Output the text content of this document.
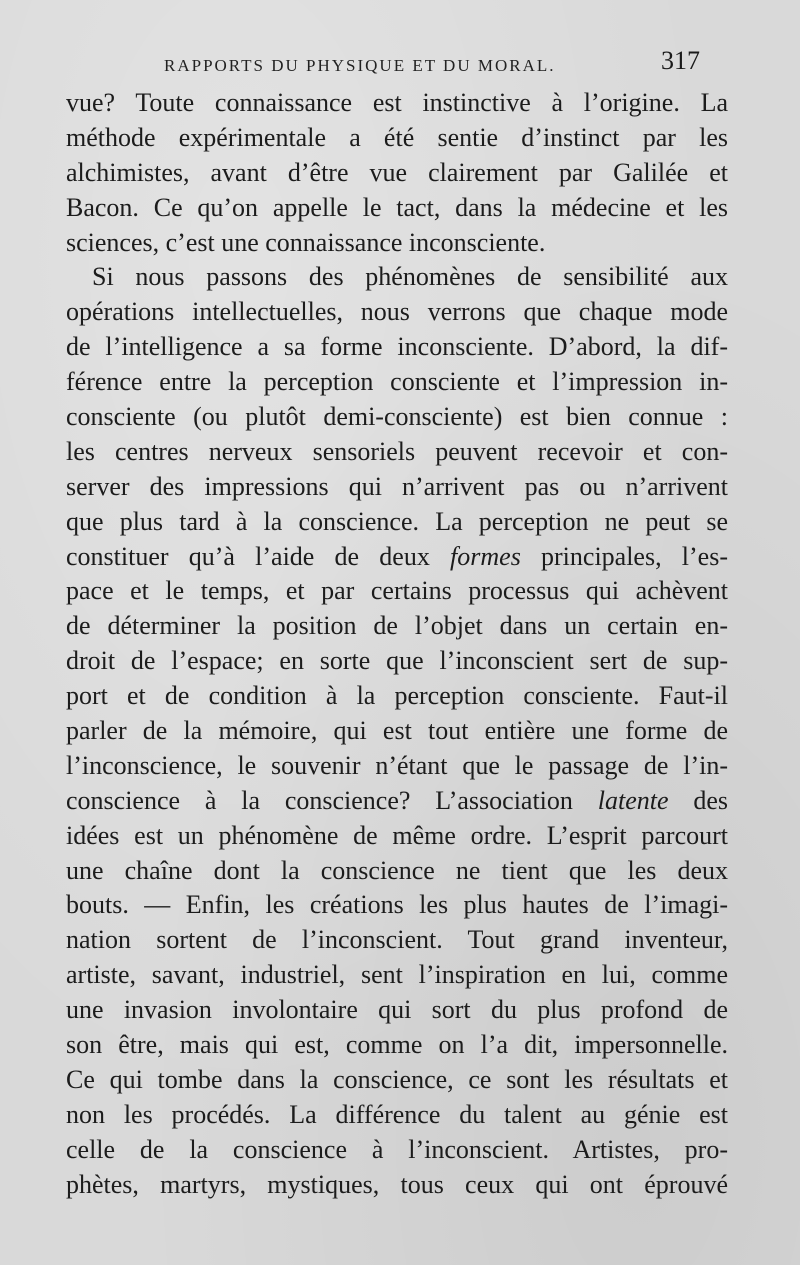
RAPPORTS DU PHYSIQUE ET DU MORAL.	317
vue? Toute connaissance est instinctive à l’origine. La
méthode expérimentale a été sentie d’instinct par les
alchimistes, avant d’être vue clairement par Galilée et
Bacon. Ce qu’on appelle le tact, dans la médecine et les
sciences, c’est une connaissance inconsciente.
Si nous passons des phénomènes de sensibilité aux
opérations intellectuelles, nous verrons que chaque mode
de l’intelligence a sa forme inconsciente. D’abord, la dif-
férence entre la perception consciente et l’impression in-
consciente (ou plutôt demi-consciente) est bien connue :
les centres nerveux sensoriels peuvent recevoir et con-
server des impressions qui n’arrivent pas ou n’arrivent
que plus tard à la conscience. La perception ne peut se
constituer qu’à l’aide de deux formes principales, l’es-
pace et le temps, et par certains processus qui achèvent
de déterminer la position de l’objet dans un certain en-
droit de l’espace; en sorte que l’inconscient sert de sup-
port et de condition à la perception consciente. Faut-il
parler de la mémoire, qui est tout entière une forme de
l’inconscience, le souvenir n’étant que le passage de l’in-
conscience à la conscience? L’association latente des
idées est un phénomène de même ordre. L’esprit parcourt
une chaîne dont la conscience ne tient que les deux
bouts. — Enfin, les créations les plus hautes de l’imagi-
nation sortent de l’inconscient. Tout grand inventeur,
artiste, savant, industriel, sent l’inspiration en lui, comme
une invasion involontaire qui sort du plus profond de
son être, mais qui est, comme on l’a dit, impersonnelle.
Ce qui tombe dans la conscience, ce sont les résultats et
non les procédés. La différence du talent au génie est
celle de la conscience à l’inconscient. Artistes, pro-
phètes, martyrs, mystiques, tous ceux qui ont éprouvé
